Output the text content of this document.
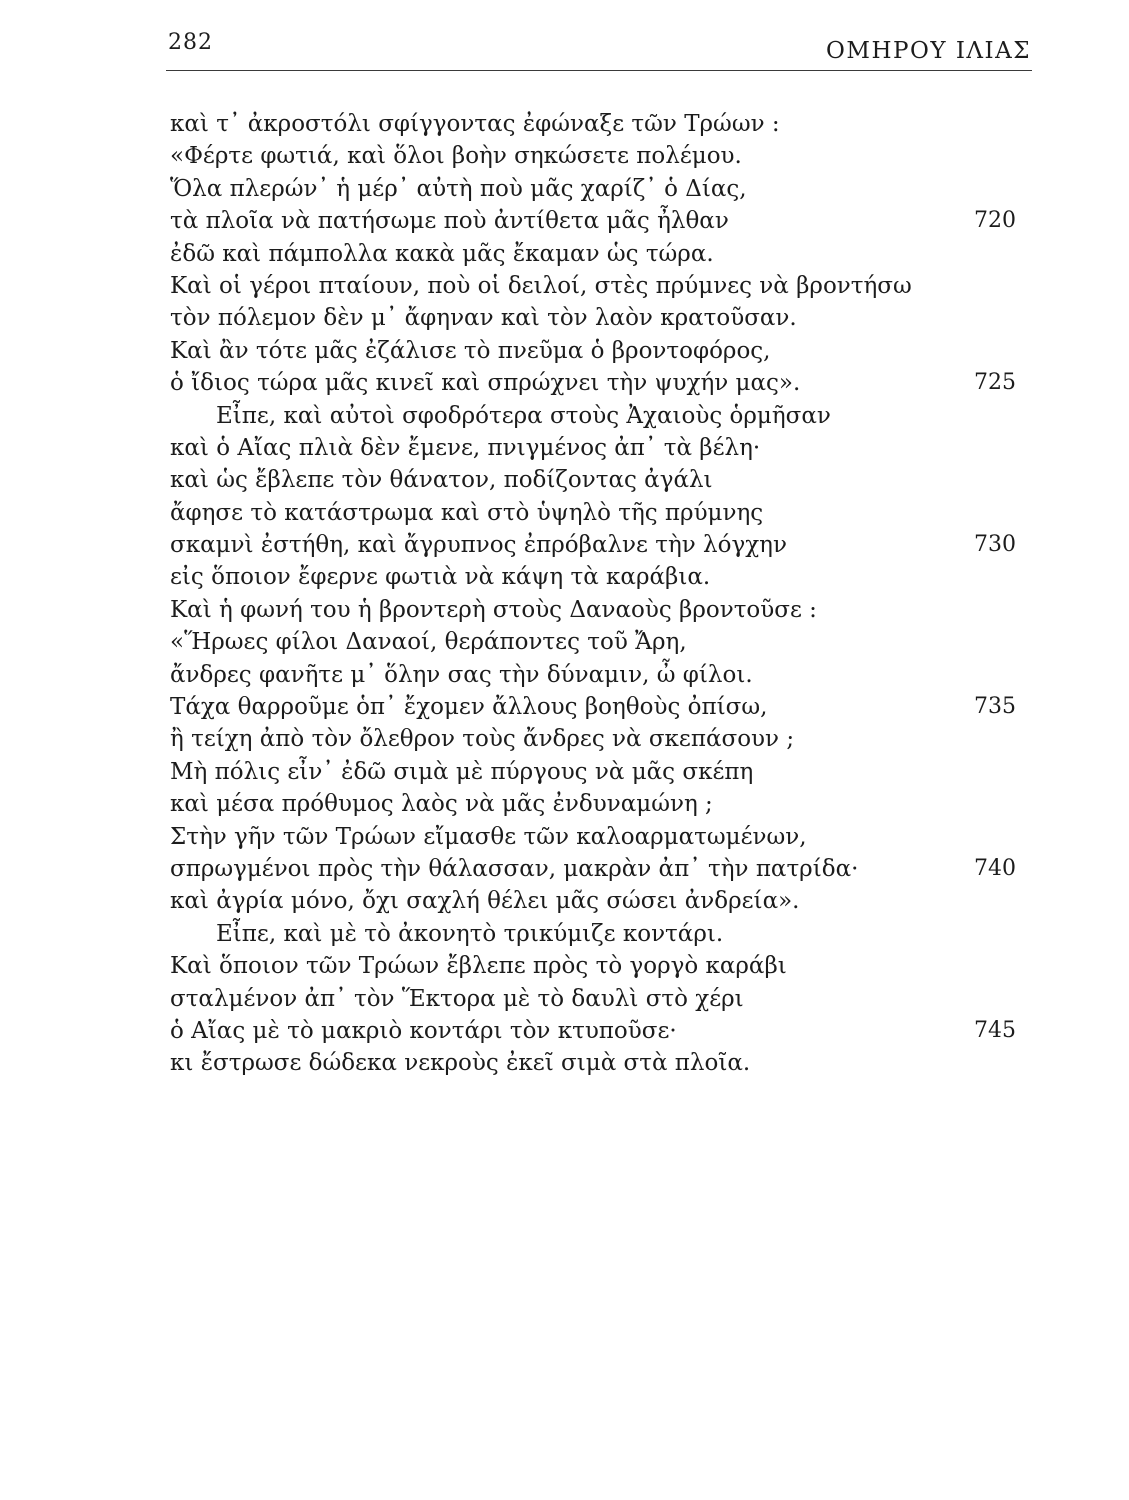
282	ΟΜΗΡΟΥ ΙΛΙΑΣ
καὶ τ᾽ ἀκροστόλι σφίγγοντας ἐφώναξε τῶν Τρώων :
«Φέρτε φωτιά, καὶ ὅλοι βοὴν σηκώσετε πολέμου.
Ὅλα πλερών᾽ ἡ μέρ᾽ αὐτὴ ποὺ μᾶς χαρίζ᾽ ὁ Δίας,
τὰ πλοῖα νὰ πατήσωμε ποὺ ἀντίθετα μᾶς ἦλθαν	720
ἐδῶ καὶ πάμπολλα κακὰ μᾶς ἔκαμαν ὡς τώρα.
Καὶ οἱ γέροι πταίουν, ποὺ οἱ δειλοί, στὲς πρύμνες νὰ βροντήσω
τὸν πόλεμον δὲν μ᾽ ἄφηναν καὶ τὸν λαὸν κρατοῦσαν.
Καὶ ἂν τότε μᾶς ἐζάλισε τὸ πνεῦμα ὁ βροντοφόρος,
ὁ ἴδιος τώρα μᾶς κινεῖ καὶ σπρώχνει τὴν ψυχήν μας».	725
Εἶπε, καὶ αὐτοὶ σφοδρότερα στοὺς Ἀχαιοὺς ὁρμῆσαν
καὶ ὁ Αἴας πλιὰ δὲν ἔμενε, πνιγμένος ἀπ᾽ τὰ βέλη·
καὶ ὡς ἔβλεπε τὸν θάνατον, ποδίζοντας ἀγάλι
ἄφησε τὸ κατάστρωμα καὶ στὸ ὑψηλὸ τῆς πρύμνης
σκαμνὶ ἐστήθη, καὶ ἄγρυπνος ἐπρόβαλνε τὴν λόγχην	730
εἰς ὅποιον ἔφερνε φωτιὰ νὰ κάψη τὰ καράβια.
Καὶ ἡ φωνή του ἡ βροντερὴ στοὺς Δαναοὺς βροντοῦσε :
«Ἥρωες φίλοι Δαναοί, θεράποντες τοῦ Ἄρη,
ἄνδρες φανῆτε μ᾽ ὅλην σας τὴν δύναμιν, ὦ φίλοι.
Τάχα θαρροῦμε ὁπ᾽ ἔχομεν ἄλλους βοηθοὺς ὀπίσω,	735
ἢ τείχη ἀπὸ τὸν ὄλεθρον τοὺς ἄνδρες νὰ σκεπάσουν ;
Μὴ πόλις εἶν᾽ ἐδῶ σιμὰ μὲ πύργους νὰ μᾶς σκέπη
καὶ μέσα πρόθυμος λαὸς νὰ μᾶς ἐνδυναμώνη ;
Στὴν γῆν τῶν Τρώων εἴμασθε τῶν καλοαρματωμένων,
σπρωγμένοι πρὸς τὴν θάλασσαν, μακρὰν ἀπ᾽ τὴν πατρίδα·	740
καὶ ἀγρία μόνο, ὄχι σαχλή θέλει μᾶς σώσει ἀνδρεία».
Εἶπε, καὶ μὲ τὸ ἀκονητὸ τρικύμιζε κοντάρι.
Καὶ ὅποιον τῶν Τρώων ἔβλεπε πρὸς τὸ γοργὸ καράβι
σταλμένον ἀπ᾽ τὸν Ἕκτορα μὲ τὸ δαυλὶ στὸ χέρι
ὁ Αἴας μὲ τὸ μακριὸ κοντάρι τὸν κτυποῦσε·	745
κι ἔστρωσε δώδεκα νεκροὺς ἐκεῖ σιμὰ στὰ πλοῖα.
